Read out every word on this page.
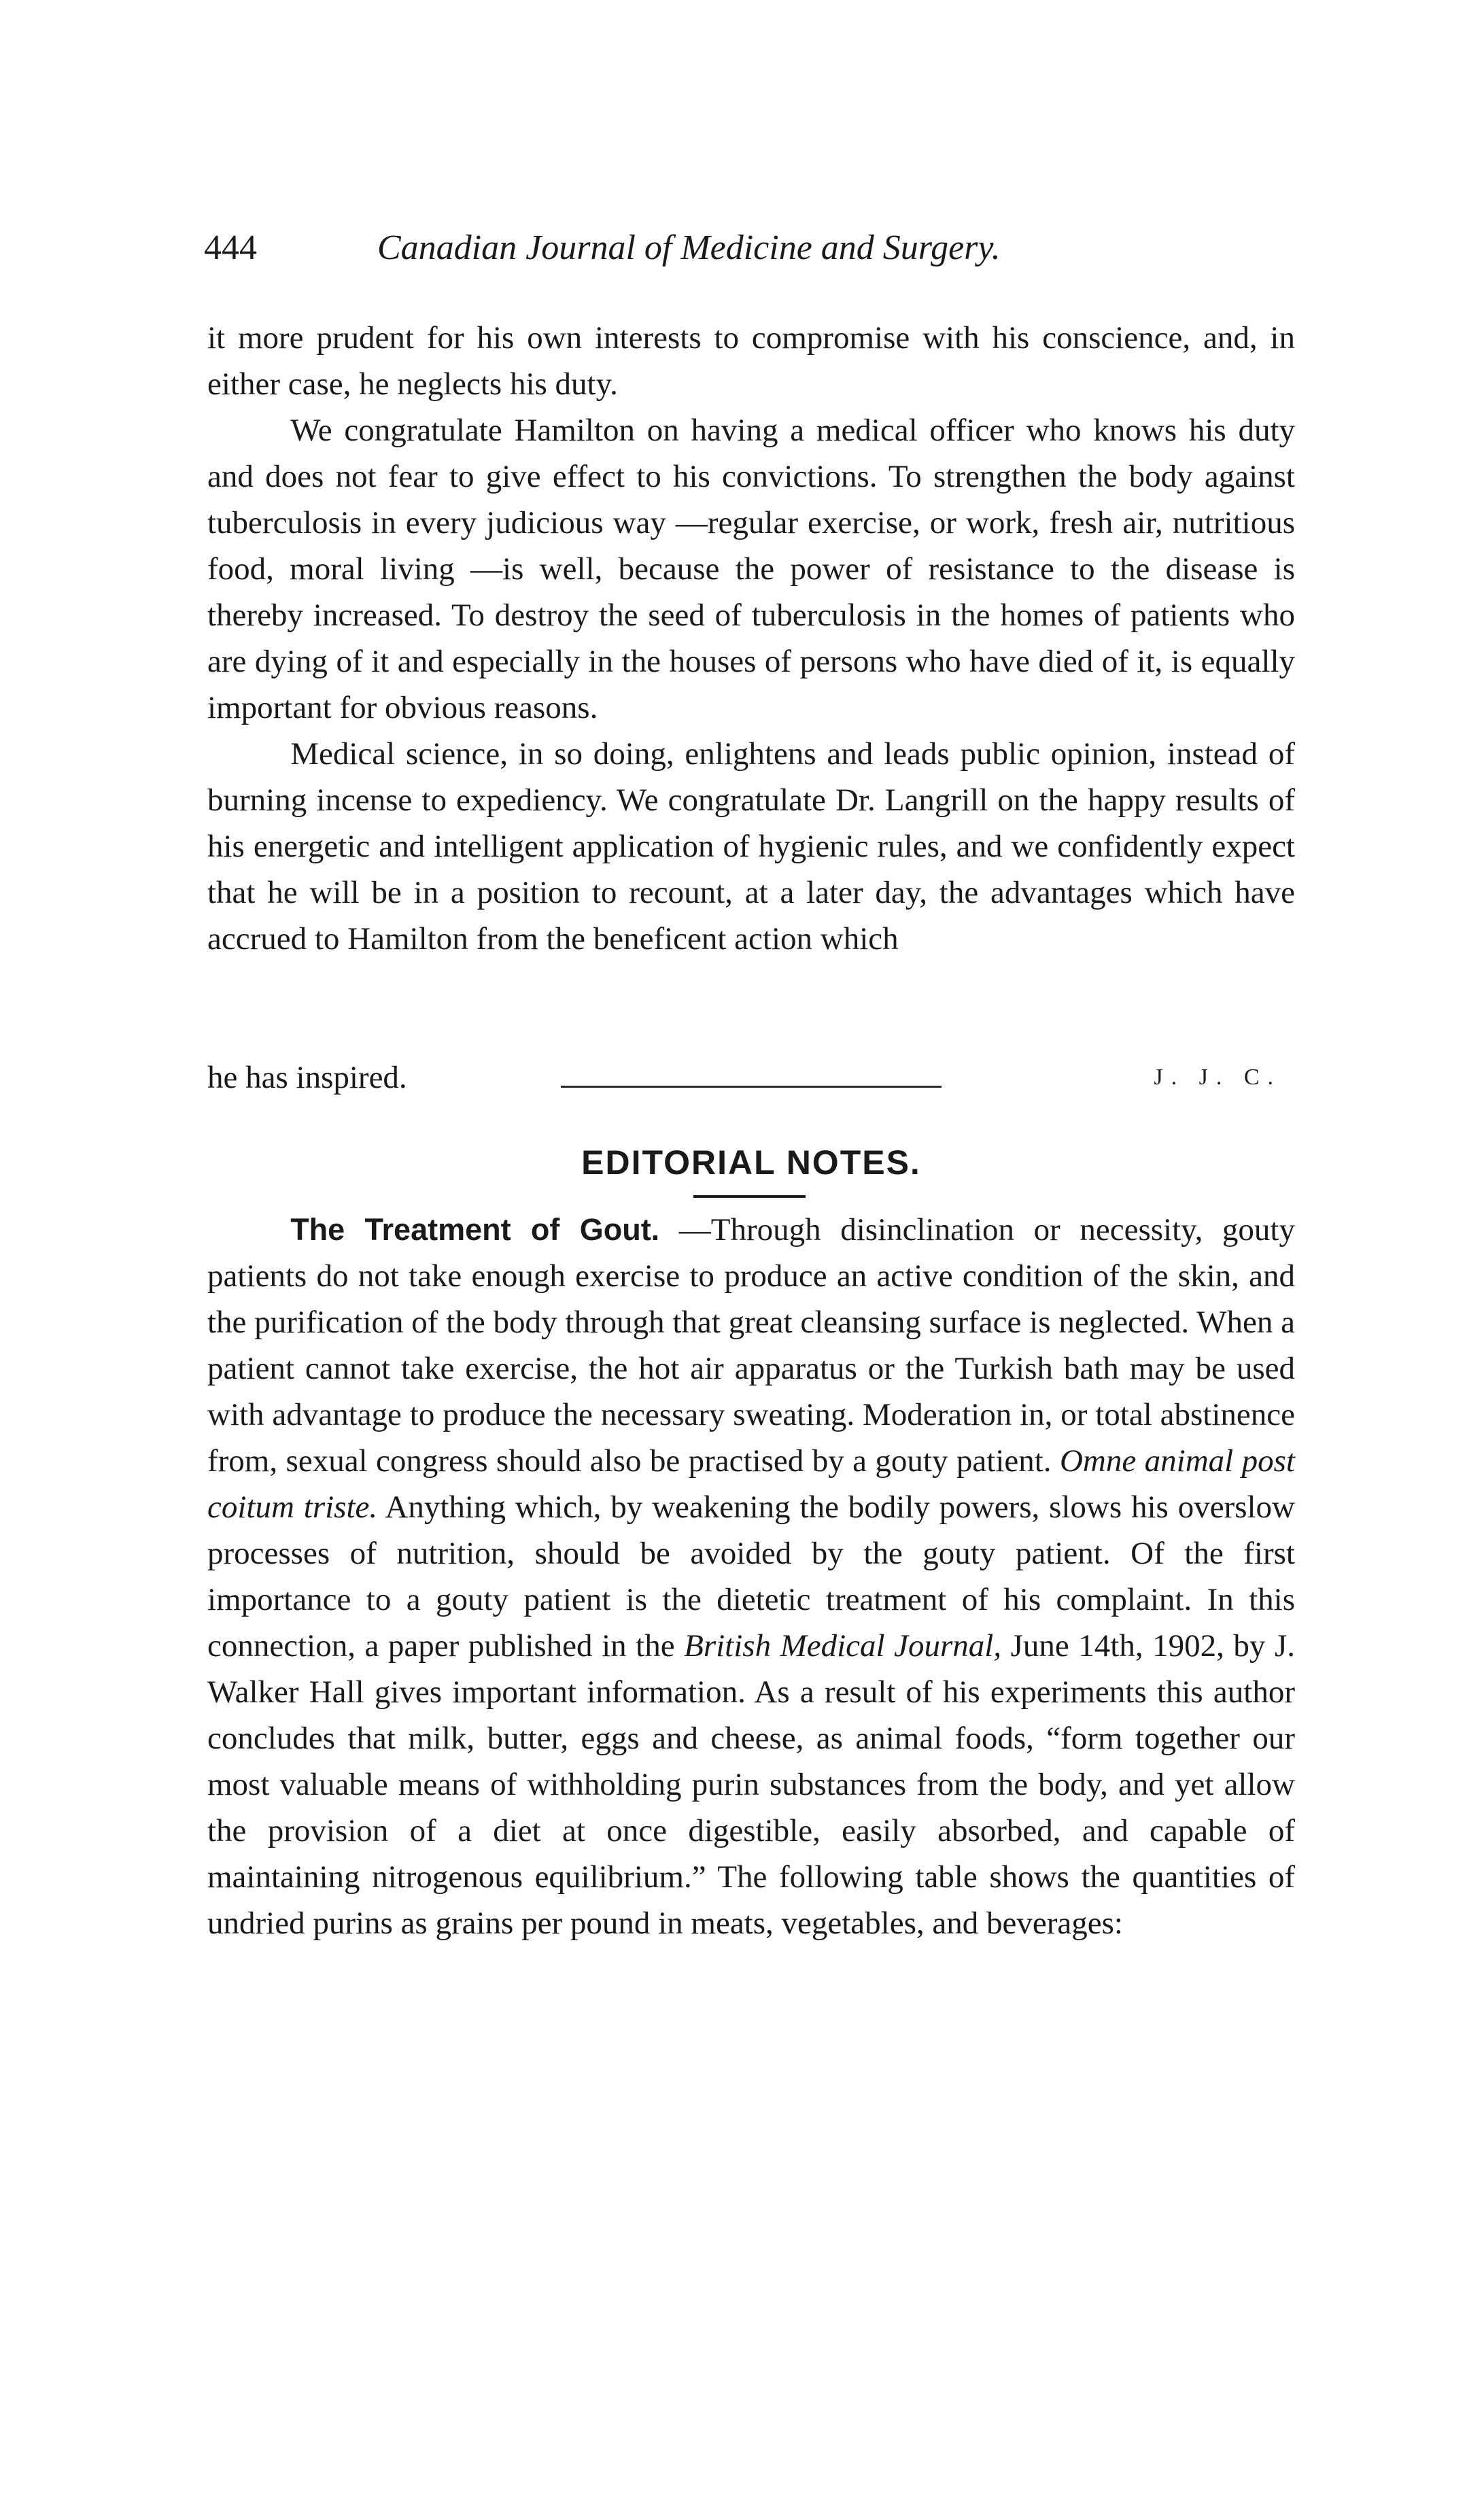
444	Canadian Journal of Medicine and Surgery.

it more prudent for his own interests to compromise with his conscience, and, in either case, he neglects his duty.

We congratulate Hamilton on having a medical officer who knows his duty and does not fear to give effect to his convictions. To strengthen the body against tuberculosis in every judicious way —regular exercise, or work, fresh air, nutritious food, moral living —is well, because the power of resistance to the disease is thereby increased. To destroy the seed of tuberculosis in the homes of patients who are dying of it and especially in the houses of persons who have died of it, is equally important for obvious reasons.

Medical science, in so doing, enlightens and leads public opinion, instead of burning incense to expediency. We congratulate Dr. Langrill on the happy results of his energetic and intelligent application of hygienic rules, and we confidently expect that he will be in a position to recount, at a later day, the advantages which have accrued to Hamilton from the beneficent action which

he has inspired.	J. J. C.
EDITORIAL NOTES.

The Treatment of Gout. —Through disinclination or necessity, gouty patients do not take enough exercise to produce an active condition of the skin, and the purification of the body through that great cleansing surface is neglected. When a patient cannot take exercise, the hot air apparatus or the Turkish bath may be used with advantage to produce the necessary sweating. Moderation in, or total abstinence from, sexual congress should also be practised by a gouty patient. Omne animal post coitum triste. Anything which, by weakening the bodily powers, slows his overslow processes of nutrition, should be avoided by the gouty patient. Of the first importance to a gouty patient is the dietetic treatment of his complaint. In this connection, a paper published in the British Medical Journal, June 14th, 1902, by J. Walker Hall gives important information. As a result of his experiments this author concludes that milk, butter, eggs and cheese, as animal foods, “form together our most valuable means of withholding purin substances from the body, and yet allow the provision of a diet at once digestible, easily absorbed, and capable of maintaining nitrogenous equilibrium.” The following table shows the quantities of undried purins as grains per pound in meats, vegetables, and beverages:
